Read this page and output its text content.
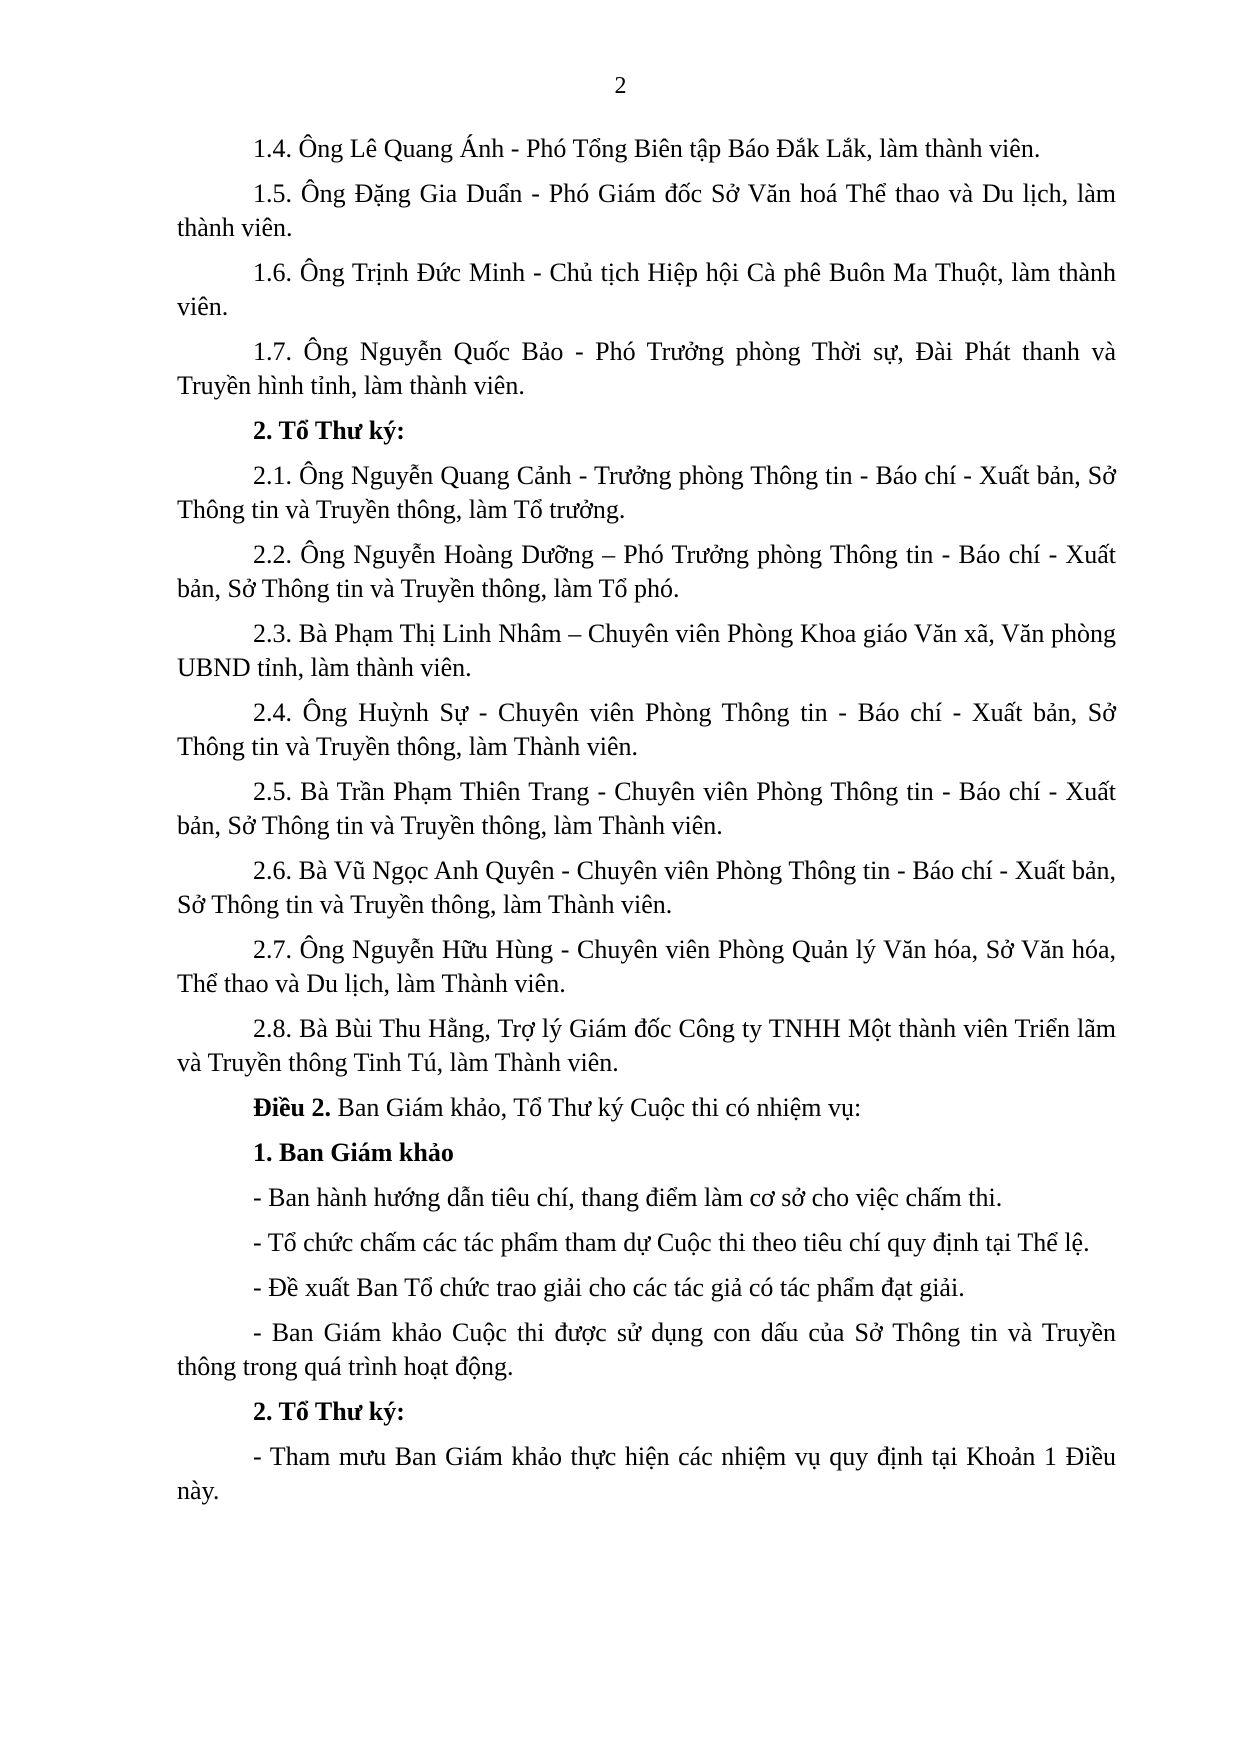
2

1.4. Ông Lê Quang Ánh - Phó Tổng Biên tập Báo Đắk Lắk, làm thành viên.

1.5. Ông Đặng Gia Duẩn - Phó Giám đốc Sở Văn hoá Thể thao và Du lịch, làm thành viên.

1.6. Ông Trịnh Đức Minh - Chủ tịch Hiệp hội Cà phê Buôn Ma Thuột, làm thành viên.

1.7. Ông Nguyễn Quốc Bảo - Phó Trưởng phòng Thời sự, Đài Phát thanh và Truyền hình tỉnh, làm thành viên.

2. Tổ Thư ký:

2.1. Ông Nguyễn Quang Cảnh - Trưởng phòng Thông tin - Báo chí - Xuất bản, Sở Thông tin và Truyền thông, làm Tổ trưởng.

2.2. Ông Nguyễn Hoàng Dưỡng – Phó Trưởng phòng Thông tin - Báo chí - Xuất bản, Sở Thông tin và Truyền thông, làm Tổ phó.

2.3. Bà Phạm Thị Linh Nhâm – Chuyên viên Phòng Khoa giáo Văn xã, Văn phòng UBND tỉnh, làm thành viên.

2.4. Ông Huỳnh Sự - Chuyên viên Phòng Thông tin - Báo chí - Xuất bản, Sở Thông tin và Truyền thông, làm Thành viên.

2.5. Bà Trần Phạm Thiên Trang - Chuyên viên Phòng Thông tin - Báo chí - Xuất bản, Sở Thông tin và Truyền thông, làm Thành viên.

2.6. Bà Vũ Ngọc Anh Quyên - Chuyên viên Phòng Thông tin - Báo chí - Xuất bản, Sở Thông tin và Truyền thông, làm Thành viên.

2.7. Ông Nguyễn Hữu Hùng - Chuyên viên Phòng Quản lý Văn hóa, Sở Văn hóa, Thể thao và Du lịch, làm Thành viên.

2.8. Bà Bùi Thu Hằng, Trợ lý Giám đốc Công ty TNHH Một thành viên Triển lãm và Truyền thông Tinh Tú, làm Thành viên.

Điều 2. Ban Giám khảo, Tổ Thư ký Cuộc thi có nhiệm vụ:

1. Ban Giám khảo

- Ban hành hướng dẫn tiêu chí, thang điểm làm cơ sở cho việc chấm thi.

- Tổ chức chấm các tác phẩm tham dự Cuộc thi theo tiêu chí quy định tại Thể lệ.

- Đề xuất Ban Tổ chức trao giải cho các tác giả có tác phẩm đạt giải.

- Ban Giám khảo Cuộc thi được sử dụng con dấu của Sở Thông tin và Truyền thông trong quá trình hoạt động.

2. Tổ Thư ký:

- Tham mưu Ban Giám khảo thực hiện các nhiệm vụ quy định tại Khoản 1 Điều này.
